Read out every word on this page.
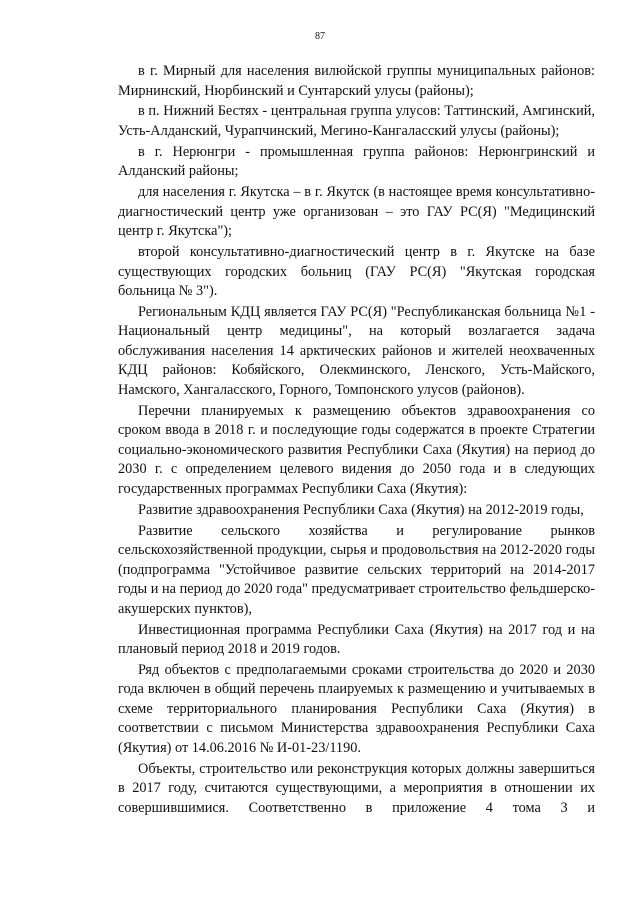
87

в г. Мирный для населения вилюйской группы муниципальных районов: Мирнинский, Нюрбинский и Сунтарский улусы (районы);

в п. Нижний Бестях - центральная группа улусов: Таттинский, Амгинский, Усть-Алданский, Чурапчинский, Мегино-Кангаласский улусы (районы);

в г. Нерюнгри - промышленная группа районов: Нерюнгринский и Алданский районы;

для населения г. Якутска – в г. Якутск (в настоящее время консультативно-диагностический центр уже организован – это ГАУ РС(Я) "Медицинский центр г. Якутска");

второй консультативно-диагностический центр в г. Якутске на базе существующих городских больниц (ГАУ РС(Я) "Якутская городская больница № 3").

Региональным КДЦ является ГАУ РС(Я) "Республиканская больница №1 - Национальный центр медицины", на который возлагается задача обслуживания населения 14 арктических районов и жителей неохваченных КДЦ районов: Кобяйского, Олекминского, Ленского, Усть-Майского, Намского, Хангаласского, Горного, Томпонского улусов (районов).

Перечни планируемых к размещению объектов здравоохранения со сроком ввода в 2018 г. и последующие годы содержатся в проекте Стратегии социально-экономического развития Республики Саха (Якутия) на период до 2030 г. с определением целевого видения до 2050 года и в следующих государственных программах Республики Саха (Якутия):

Развитие здравоохранения Республики Саха (Якутия) на 2012-2019 годы,

Развитие сельского хозяйства и регулирование рынков сельскохозяйственной продукции, сырья и продовольствия на 2012-2020 годы (подпрограмма "Устойчивое развитие сельских территорий на 2014-2017 годы и на период до 2020 года" предусматривает строительство фельдшерско-акушерских пунктов),

Инвестиционная программа Республики Саха (Якутия) на 2017 год и на плановый период 2018 и 2019 годов.

Ряд объектов с предполагаемыми сроками строительства до 2020 и 2030 года включен в общий перечень плаируемых к размещению и учитываемых в схеме территориального планирования Республики Саха (Якутия) в соответствии с письмом Министерства здравоохранения Республики Саха (Якутия) от 14.06.2016 № И-01-23/1190.

Объекты, строительство или реконструкция которых должны завершиться в 2017 году, считаются существующими, а мероприятия в отношении их совершившимися. Соответственно в приложение 4 тома 3 и
